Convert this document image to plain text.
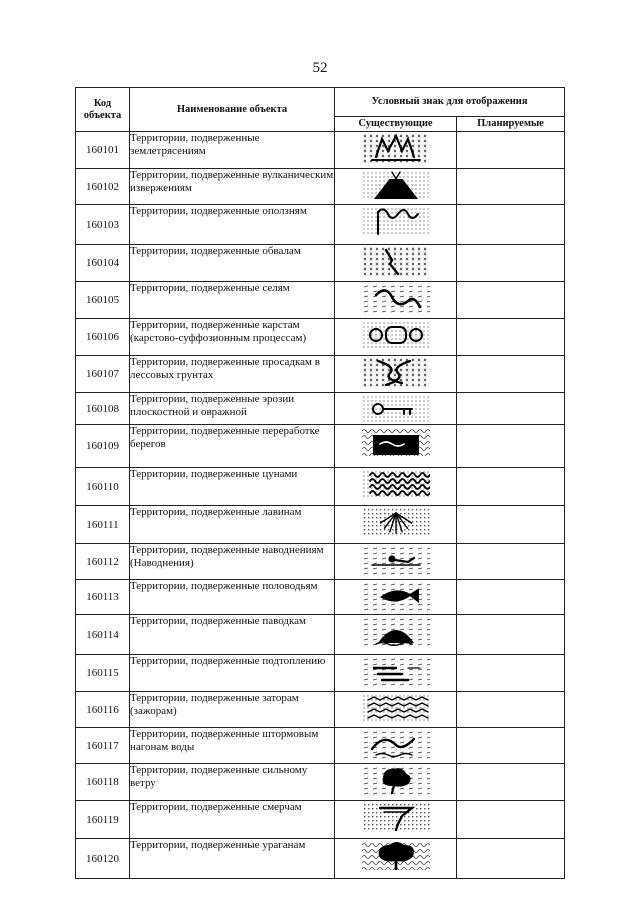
52
Код объекта	Наименование объекта	Условный знак для отображения	
		Существующие	Планируемые
160101	Территории, подверженные землетрясениям	

160102	Территории, подверженные вулканическим извержениям	

160103	Территории, подверженные оползням	

160104	Территории, подверженные обвалам	

160105	Территории, подверженные селям	

160106	Территории, подверженные карстам (карстово-суффозионным процессам)	

160107	Территории, подверженные просадкам в лессовых грунтах	

160108	Территории, подверженные эрозии плоскостной и овражной	

160109	Территории, подверженные переработке берегов	

160110	Территории, подверженные цунами	

160111	Территории, подверженные лавинам	

160112	Территории, подверженные наводнениям (Наводнения)	

160113	Территории, подверженные половодьям	

160114	Территории, подверженные паводкам	

160115	Территории, подверженные подтоплению	

160116	Территории, подверженные заторам (зажорам)	

160117	Территории, подверженные штормовым нагонам воды	

160118	Территории, подверженные сильному ветру	

160119	Территории, подверженные смерчам	

160120	Территории, подверженные ураганам	
